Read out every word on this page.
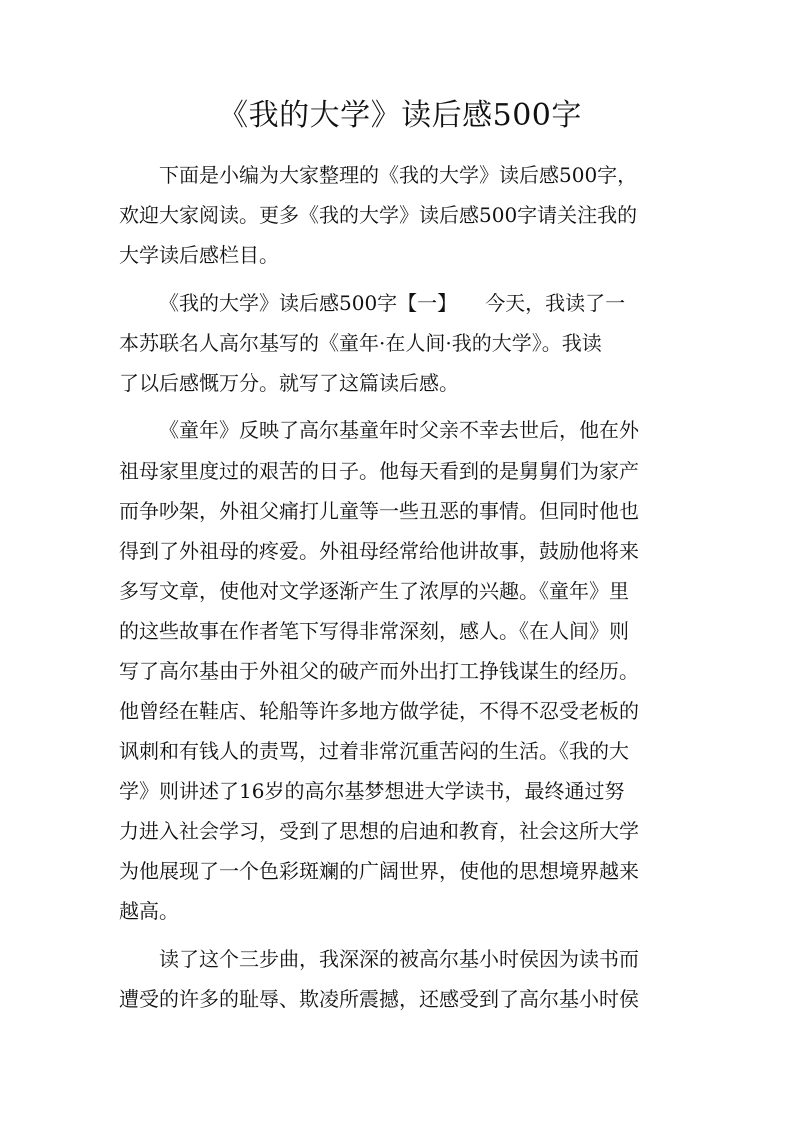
《我的大学》读后感500字
下面是小编为大家整理的《我的大学》读后感500字，
欢迎大家阅读。更多《我的大学》读后感500字请关注我的
大学读后感栏目。
《我的大学》读后感500字【一】 今天，我读了一
本苏联名人高尔基写的《童年·在人间·我的大学》。我读
了以后感慨万分。就写了这篇读后感。
《童年》反映了高尔基童年时父亲不幸去世后，他在外
祖母家里度过的艰苦的日子。他每天看到的是舅舅们为家产
而争吵架，外祖父痛打儿童等一些丑恶的事情。但同时他也
得到了外祖母的疼爱。外祖母经常给他讲故事，鼓励他将来
多写文章，使他对文学逐渐产生了浓厚的兴趣。《童年》里
的这些故事在作者笔下写得非常深刻，感人。《在人间》则
写了高尔基由于外祖父的破产而外出打工挣钱谋生的经历。
他曾经在鞋店、轮船等许多地方做学徒，不得不忍受老板的
讽刺和有钱人的责骂，过着非常沉重苦闷的生活。《我的大
学》则讲述了16岁的高尔基梦想进大学读书，最终通过努
力进入社会学习，受到了思想的启迪和教育，社会这所大学
为他展现了一个色彩斑斓的广阔世界，使他的思想境界越来
越高。
读了这个三步曲，我深深的被高尔基小时侯因为读书而
遭受的许多的耻辱、欺凌所震撼，还感受到了高尔基小时侯
